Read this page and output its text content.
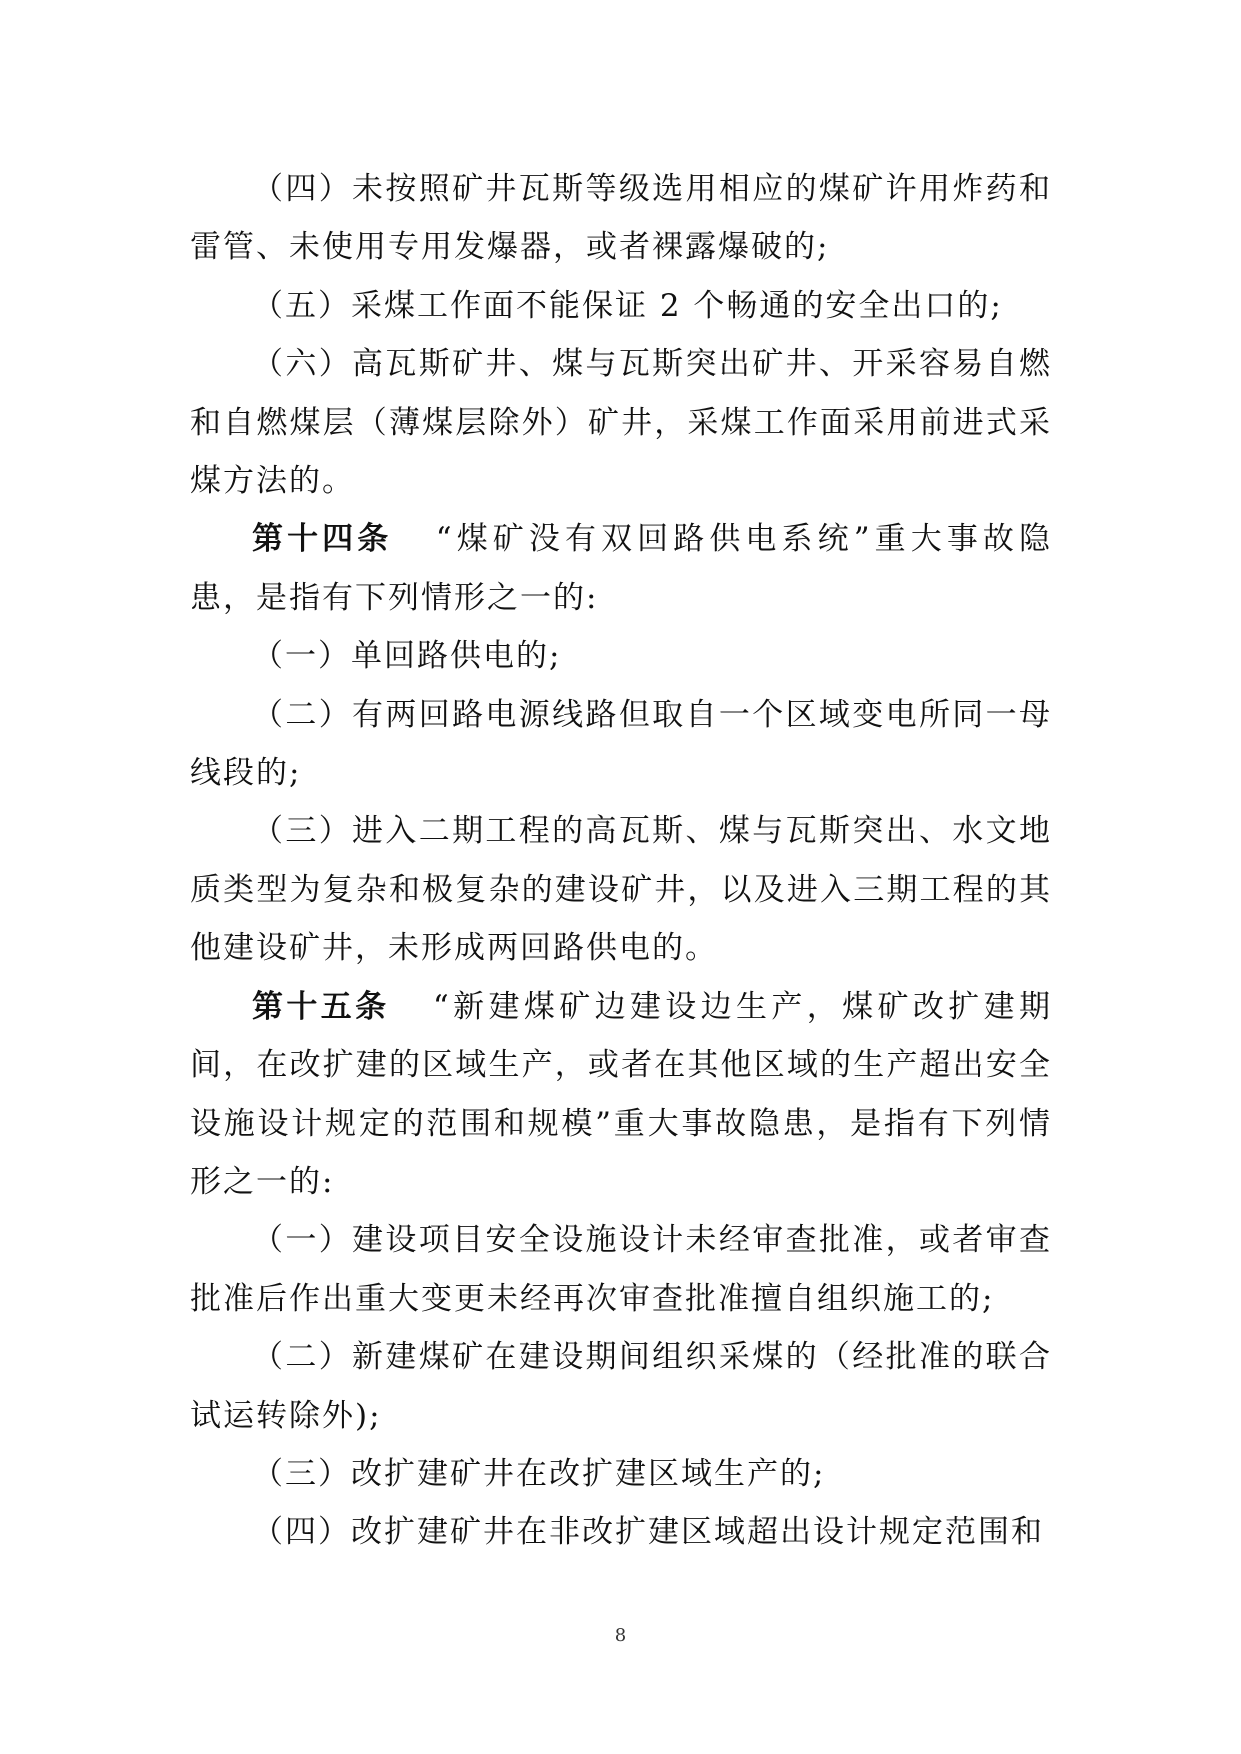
（四）未按照矿井瓦斯等级选用相应的煤矿许用炸药和雷管、未使用专用发爆器，或者裸露爆破的;

（五）采煤工作面不能保证 2 个畅通的安全出口的;

（六）高瓦斯矿井、煤与瓦斯突出矿井、开采容易自燃和自燃煤层（薄煤层除外）矿井，采煤工作面采用前进式采煤方法的。

第十四条 “煤矿没有双回路供电系统”重大事故隐患，是指有下列情形之一的:

（一）单回路供电的;

（二）有两回路电源线路但取自一个区域变电所同一母线段的;

（三）进入二期工程的高瓦斯、煤与瓦斯突出、水文地质类型为复杂和极复杂的建设矿井，以及进入三期工程的其他建设矿井，未形成两回路供电的。

第十五条 “新建煤矿边建设边生产，煤矿改扩建期间，在改扩建的区域生产，或者在其他区域的生产超出安全设施设计规定的范围和规模”重大事故隐患，是指有下列情形之一的:

（一）建设项目安全设施设计未经审查批准，或者审查批准后作出重大变更未经再次审查批准擅自组织施工的;

（二）新建煤矿在建设期间组织采煤的（经批准的联合试运转除外);

（三）改扩建矿井在改扩建区域生产的;

（四）改扩建矿井在非改扩建区域超出设计规定范围和

8
